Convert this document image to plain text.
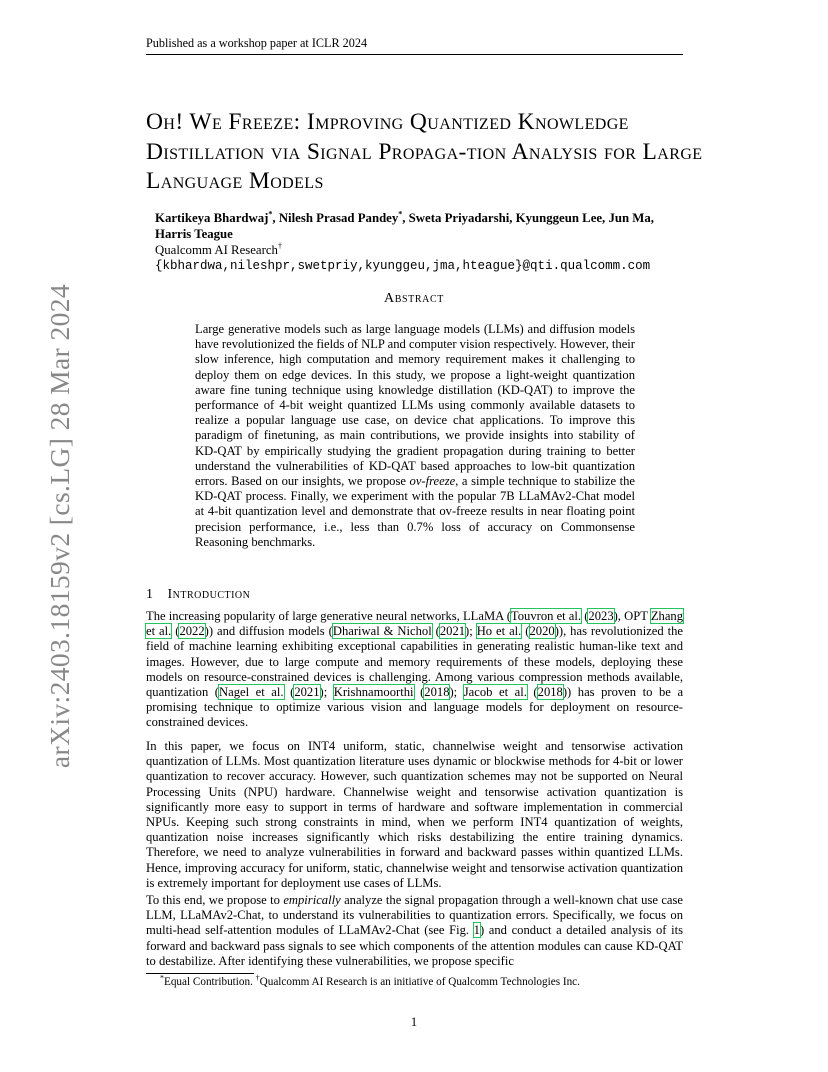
Published as a workshop paper at ICLR 2024
arXiv:2403.18159v2 [cs.LG] 28 Mar 2024
Oh! We Freeze: Improving Quantized Knowledge Distillation via Signal Propaga-tion Analysis for Large Language Models
Kartikeya Bhardwaj*, Nilesh Prasad Pandey*, Sweta Priyadarshi, Kyunggeun Lee, Jun Ma, Harris Teague
Qualcomm AI Research†
{kbhardwa,nileshpr,swetpriy,kyunggeu,jma,hteague}@qti.qualcomm.com
Abstract
Large generative models such as large language models (LLMs) and diffusion models have revolutionized the fields of NLP and computer vision respectively. However, their slow inference, high computation and memory requirement makes it challenging to deploy them on edge devices. In this study, we propose a light-weight quantization aware fine tuning technique using knowledge distillation (KD-QAT) to improve the performance of 4-bit weight quantized LLMs using commonly available datasets to realize a popular language use case, on device chat applications. To improve this paradigm of finetuning, as main contributions, we provide insights into stability of KD-QAT by empirically studying the gradient propagation during training to better understand the vulnerabilities of KD-QAT based approaches to low-bit quantization errors. Based on our insights, we propose ov-freeze, a simple technique to stabilize the KD-QAT process. Finally, we experiment with the popular 7B LLaMAv2-Chat model at 4-bit quantization level and demonstrate that ov-freeze results in near floating point precision performance, i.e., less than 0.7% loss of accuracy on Commonsense Reasoning benchmarks.
1 Introduction
The increasing popularity of large generative neural networks, LLaMA (Touvron et al. (2023), OPT Zhang et al. (2022)) and diffusion models (Dhariwal & Nichol (2021); Ho et al. (2020)), has revolutionized the field of machine learning exhibiting exceptional capabilities in generating realistic human-like text and images. However, due to large compute and memory requirements of these models, deploying these models on resource-constrained devices is challenging. Among various compression methods available, quantization (Nagel et al. (2021); Krishnamoorthi (2018); Jacob et al. (2018)) has proven to be a promising technique to optimize various vision and language models for deployment on resource-constrained devices.
In this paper, we focus on INT4 uniform, static, channelwise weight and tensorwise activation quantization of LLMs. Most quantization literature uses dynamic or blockwise methods for 4-bit or lower quantization to recover accuracy. However, such quantization schemes may not be supported on Neural Processing Units (NPU) hardware. Channelwise weight and tensorwise activation quantization is significantly more easy to support in terms of hardware and software implementation in commercial NPUs. Keeping such strong constraints in mind, when we perform INT4 quantization of weights, quantization noise increases significantly which risks destabilizing the entire training dynamics. Therefore, we need to analyze vulnerabilities in forward and backward passes within quantized LLMs. Hence, improving accuracy for uniform, static, channelwise weight and tensorwise activation quantization is extremely important for deployment use cases of LLMs.
To this end, we propose to empirically analyze the signal propagation through a well-known chat use case LLM, LLaMAv2-Chat, to understand its vulnerabilities to quantization errors. Specifically, we focus on multi-head self-attention modules of LLaMAv2-Chat (see Fig. 1) and conduct a detailed analysis of its forward and backward pass signals to see which components of the attention modules can cause KD-QAT to destabilize. After identifying these vulnerabilities, we propose specific
*Equal Contribution. †Qualcomm AI Research is an initiative of Qualcomm Technologies Inc.
1
